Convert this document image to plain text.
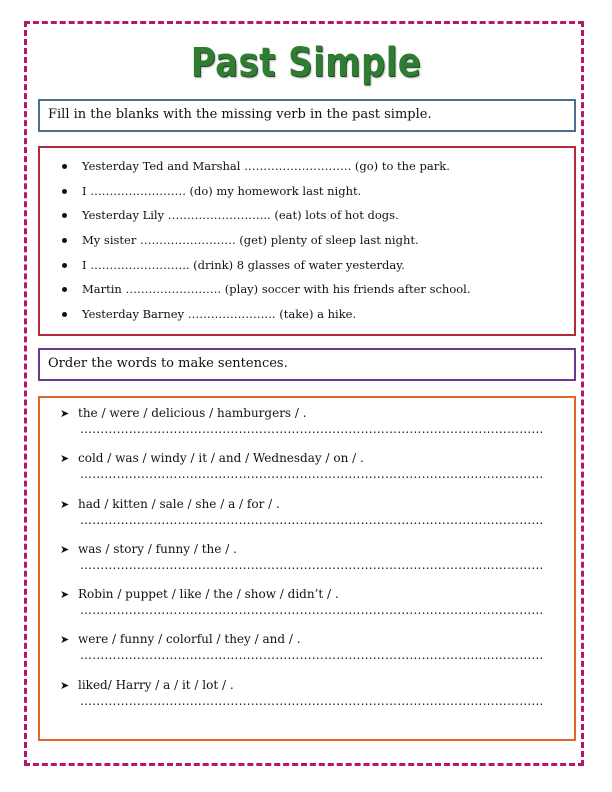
Past Simple
Fill in the blanks with the missing verb in the past simple.
Yesterday Ted and Marshal ………………………. (go) to the park.
I ……………………. (do) my homework last night.
Yesterday Lily ……………………... (eat) lots of hot dogs.
My sister ……………………. (get) plenty of sleep last night.
I …………………….. (drink) 8 glasses of water yesterday.
Martin ……………………. (play) soccer with his friends after school.
Yesterday Barney ………………….. (take) a hike.
Order the words to make sentences.
➤ the / were / delicious / hamburgers / .
……………………………………………………………………………………………………
➤ cold / was / windy / it / and / Wednesday / on / .
……………………………………………………………………………………………………
➤ had / kitten / sale / she / a / for / .
……………………………………………………………………………………………………
➤ was / story / funny / the / .
……………………………………………………………………………………………………
➤ Robin / puppet / like / the / show / didn’t / .
……………………………………………………………………………………………………
➤ were / funny / colorful / they / and / .
……………………………………………………………………………………………………
➤ liked/ Harry / a / it / lot / .
……………………………………………………………………………………………………
